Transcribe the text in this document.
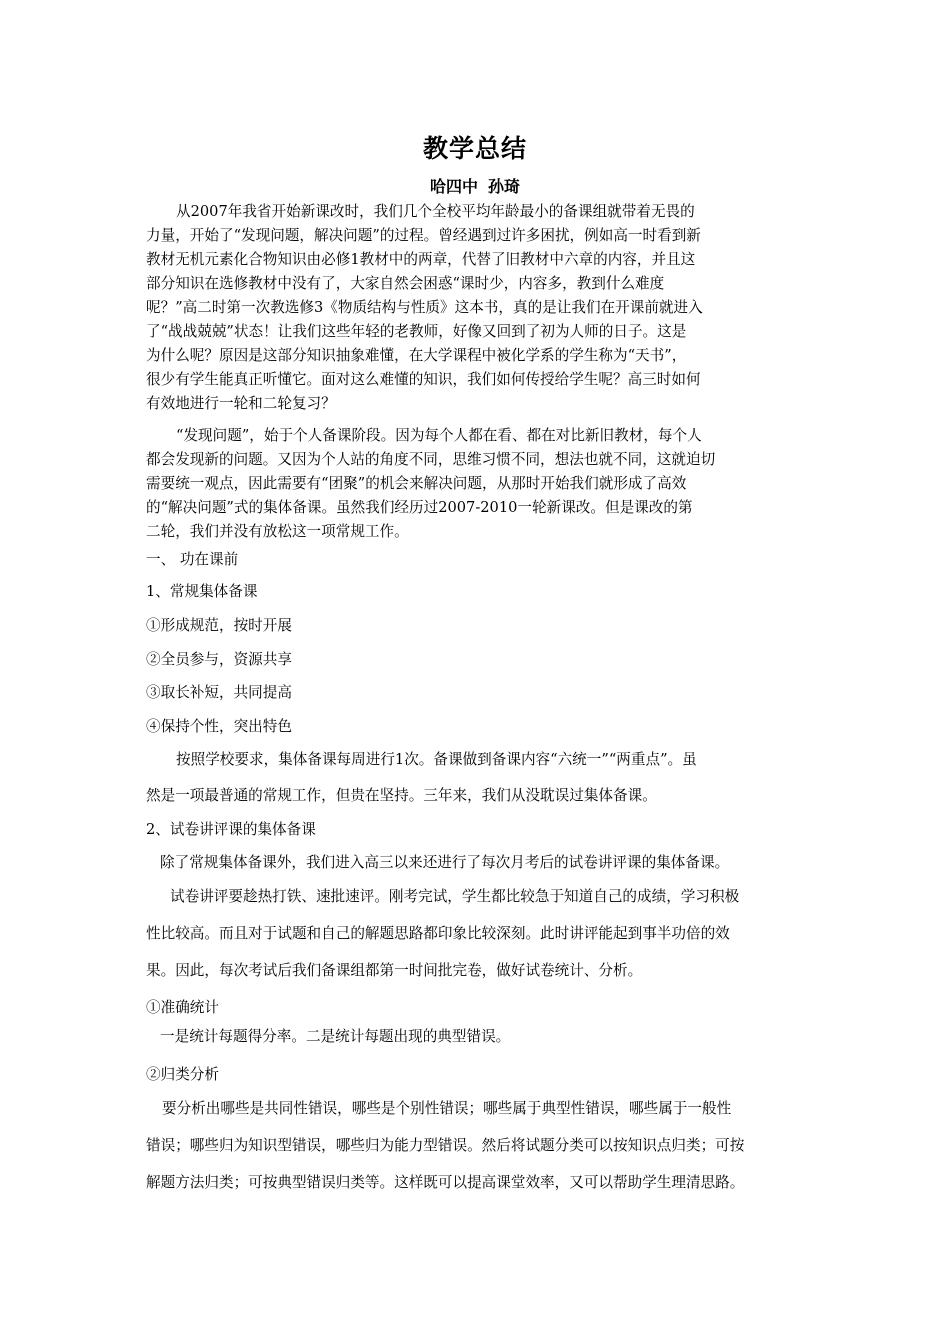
教学总结
哈四中 孙琦
从2007年我省开始新课改时，我们几个全校平均年龄最小的备课组就带着无畏的
力量，开始了“发现问题，解决问题”的过程。曾经遇到过许多困扰，例如高一时看到新
教材无机元素化合物知识由必修1教材中的两章，代替了旧教材中六章的内容，并且这
部分知识在选修教材中没有了，大家自然会困惑“课时少，内容多，教到什么难度
呢？”高二时第一次教选修3《物质结构与性质》这本书，真的是让我们在开课前就进入
了“战战兢兢”状态！让我们这些年轻的老教师，好像又回到了初为人师的日子。这是
为什么呢？原因是这部分知识抽象难懂，在大学课程中被化学系的学生称为“天书”，
很少有学生能真正听懂它。面对这么难懂的知识，我们如何传授给学生呢？高三时如何
有效地进行一轮和二轮复习？
“发现问题”，始于个人备课阶段。因为每个人都在看、都在对比新旧教材，每个人
都会发现新的问题。又因为个人站的角度不同，思维习惯不同，想法也就不同，这就迫切
需要统一观点，因此需要有“团聚”的机会来解决问题，从那时开始我们就形成了高效
的“解决问题”式的集体备课。虽然我们经历过2007-2010一轮新课改。但是课改的第
二轮，我们并没有放松这一项常规工作。
一、 功在课前
1、常规集体备课
①形成规范，按时开展
②全员参与，资源共享
③取长补短，共同提高
④保持个性，突出特色
按照学校要求，集体备课每周进行1次。备课做到备课内容“六统一”“两重点”。虽
然是一项最普通的常规工作，但贵在坚持。三年来，我们从没耽误过集体备课。
2、试卷讲评课的集体备课
除了常规集体备课外，我们进入高三以来还进行了每次月考后的试卷讲评课的集体备课。
试卷讲评要趁热打铁、速批速评。刚考完试，学生都比较急于知道自己的成绩，学习积极
性比较高。而且对于试题和自己的解题思路都印象比较深刻。此时讲评能起到事半功倍的效
果。因此，每次考试后我们备课组都第一时间批完卷，做好试卷统计、分析。
①准确统计
一是统计每题得分率。二是统计每题出现的典型错误。
②归类分析
要分析出哪些是共同性错误，哪些是个别性错误；哪些属于典型性错误，哪些属于一般性
错误；哪些归为知识型错误，哪些归为能力型错误。然后将试题分类可以按知识点归类；可按
解题方法归类；可按典型错误归类等。这样既可以提高课堂效率，又可以帮助学生理清思路。
